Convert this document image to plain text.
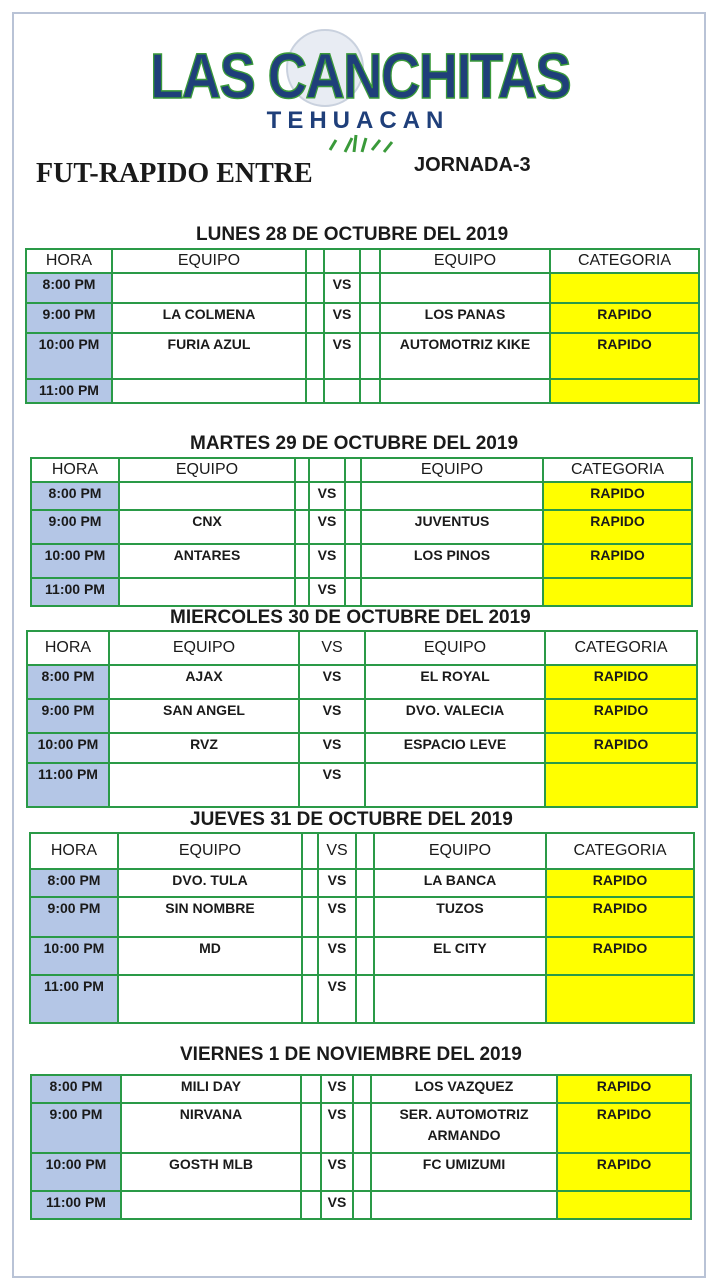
LAS CANCHITAS
TEHUACAN
FUT-RAPIDO ENTRE	JORNADA-3
LUNES 28 DE OCTUBRE DEL 2019
HORA	EQUIPO				EQUIPO	CATEGORIA
8:00 PM			VS			
9:00 PM	LA COLMENA		VS		LOS PANAS	RAPIDO
10:00 PM	FURIA AZUL		VS		AUTOMOTRIZ KIKE	RAPIDO
11:00 PM						
MARTES 29 DE OCTUBRE DEL 2019
HORA	EQUIPO				EQUIPO	CATEGORIA
8:00 PM			VS			RAPIDO
9:00 PM	CNX		VS		JUVENTUS	RAPIDO
10:00 PM	ANTARES		VS		LOS PINOS	RAPIDO
11:00 PM			VS			
MIERCOLES 30 DE OCTUBRE DEL 2019
HORA	EQUIPO	VS	EQUIPO	CATEGORIA
8:00 PM	AJAX	VS	EL ROYAL	RAPIDO
9:00 PM	SAN ANGEL	VS	DVO. VALECIA	RAPIDO
10:00 PM	RVZ	VS	ESPACIO LEVE	RAPIDO
11:00 PM		VS		
JUEVES 31 DE OCTUBRE DEL 2019
HORA	EQUIPO		VS		EQUIPO	CATEGORIA
8:00 PM	DVO. TULA		VS		LA BANCA	RAPIDO
9:00 PM	SIN NOMBRE		VS		TUZOS	RAPIDO
10:00 PM	MD		VS		EL CITY	RAPIDO
11:00 PM			VS			
VIERNES 1 DE NOVIEMBRE DEL 2019
8:00 PM	MILI DAY		VS		LOS VAZQUEZ	RAPIDO
9:00 PM	NIRVANA		VS		SER. AUTOMOTRIZ ARMANDO	RAPIDO
10:00 PM	GOSTH MLB		VS		FC UMIZUMI	RAPIDO
11:00 PM			VS			
